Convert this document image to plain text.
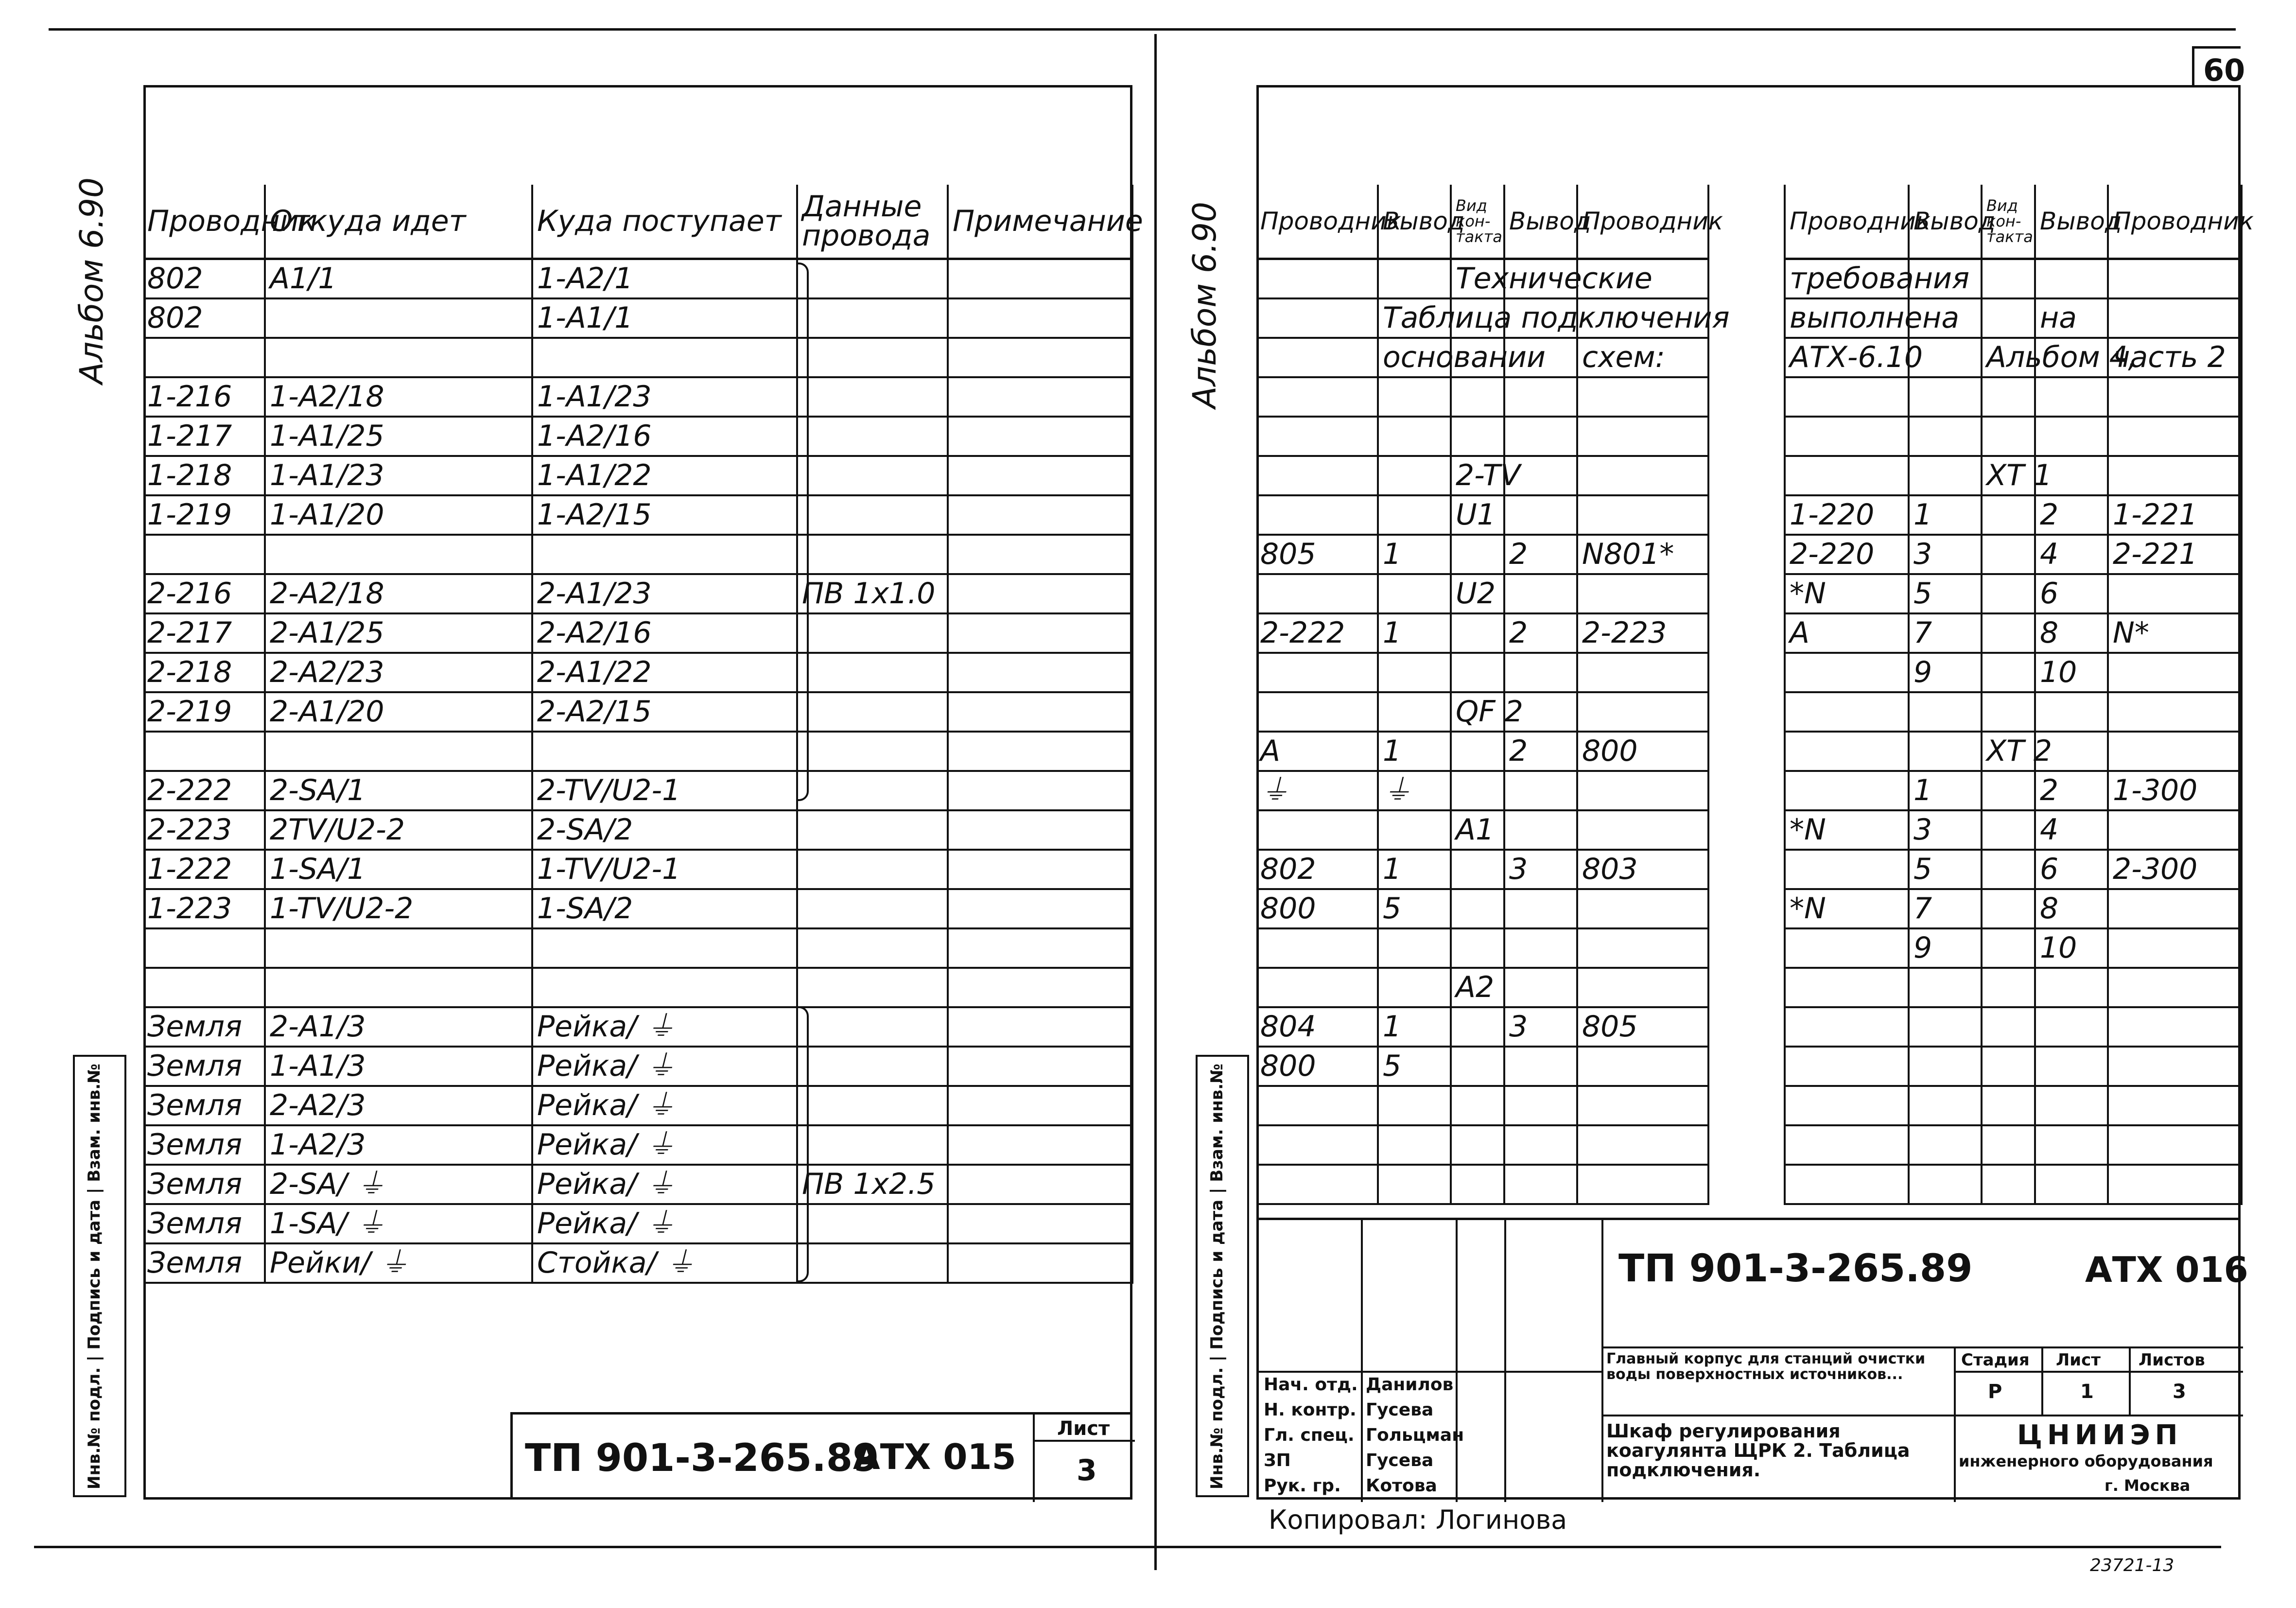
Альбом 6.90
Инв.№ подл. | Подпись и дата | Взам. инв.№
Проводник	Откуда идет	Куда поступает	Данные провода	Примечание
802	A1/1	1-A2/1		
802		1-A1/1		

1-216	1-A2/18	1-A1/23		
1-217	1-A1/25	1-A2/16		
1-218	1-A1/23	1-A1/22		
1-219	1-A1/20	1-A2/15		

2-216	2-A2/18	2-A1/23	ПВ 1х1.0	
2-217	2-A1/25	2-A2/16		
2-218	2-A2/23	2-A1/22		
2-219	2-A1/20	2-A2/15		

2-222	2-SA/1	2-TV/U2-1		
2-223	2TV/U2-2	2-SA/2		
1-222	1-SA/1	1-TV/U2-1		
1-223	1-TV/U2-2	1-SA/2		

Земля	2-A1/3	Рейка/ ⏚		
Земля	1-A1/3	Рейка/ ⏚		
Земля	2-A2/3	Рейка/ ⏚		
Земля	1-A2/3	Рейка/ ⏚		
Земля	2-SA/ ⏚	Рейка/ ⏚	ПВ 1х2.5	
Земля	1-SA/ ⏚	Рейка/ ⏚		
Земля	Рейки/ ⏚	Стойка/ ⏚		
ТП 901-3-265.89
АТХ 015
Лист
3
60
Альбом 6.90
Инв.№ подл. | Подпись и дата | Взам. инв.№
Проводник	Вывод	Вид кон-такта	Вывод	Проводник
		Технические		
	Таблица подключения			
	основании			схем:

		2-TV		
		U1		
805	1		2	N801*
		U2		
2-222	1		2	2-223

		QF 2		
A	1		2	800
⏚	⏚			
		A1		
802	1		3	803
800	5			

		A2		
804	1		3	805
800	5			

Проводник	Вывод	Вид кон-такта	Вывод	Проводник
требования				
выполнена			на	
АТХ-6.10		Альбом 4,		часть 2

		XT 1		
1-220	1		2	1-221
2-220	3		4	2-221
*N	5		6	
A	7		8	N*
	9		10	

		XT 2		
	1		2	1-300
*N	3		4	
	5		6	2-300
*N	7		8	
	9		10	

ТП 901-3-265.89	АТХ 016
Главный корпус для станций очистки воды поверхностных источников...
Шкаф регулирования коагулянта ЩРК 2. Таблица подключения.
Стадия Лист Листов
Р	1	3
ЦНИИЭП
инженерного оборудования
г. Москва
Нач. отд. Данилов
Н. контр. Гусева
Гл. спец. Гольцман
ЗП	Гусева
Рук. гр. Котова
Копировал: Логинова
23721-13
